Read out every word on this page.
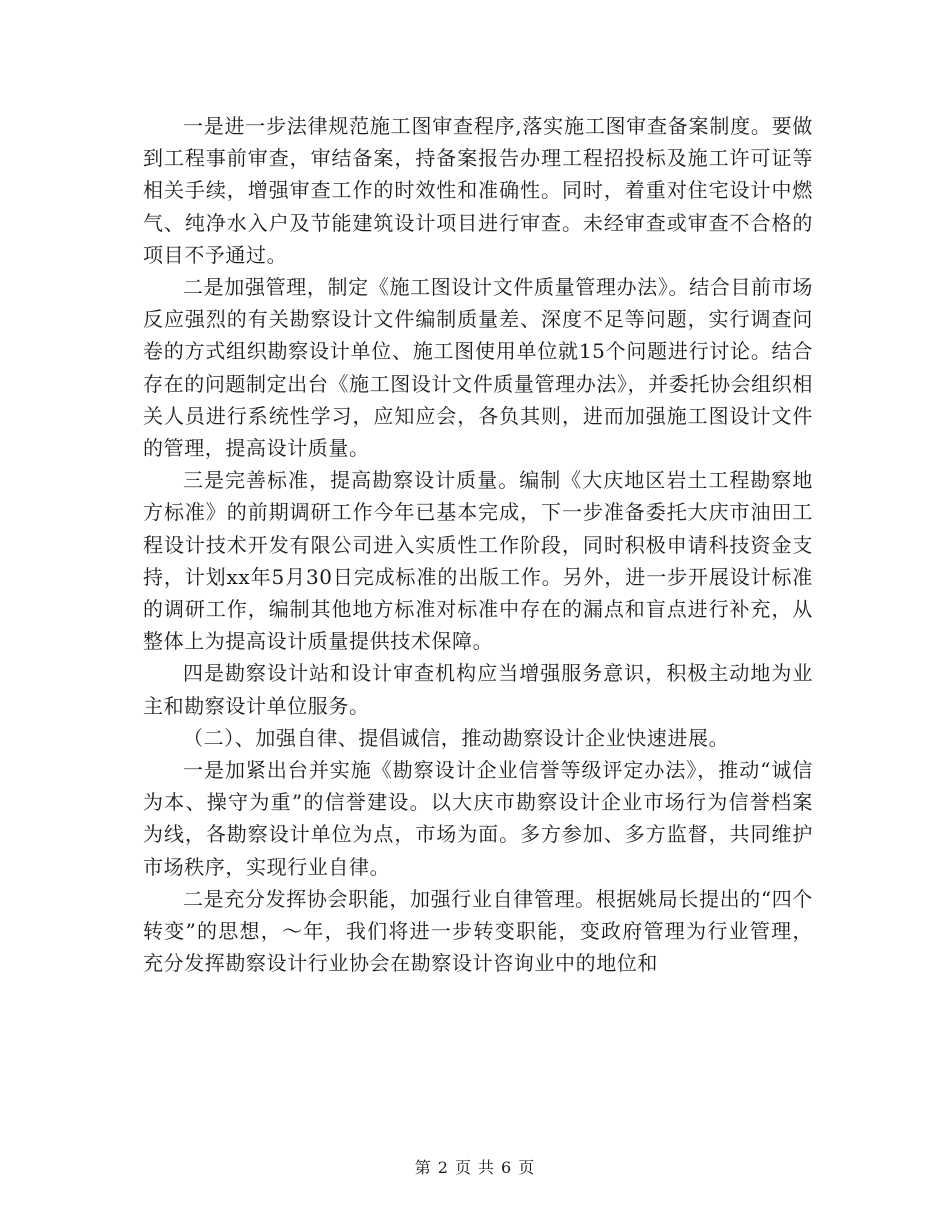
一是进一步法律规范施工图审查程序,落实施工图审查备案制度。要做到工程事前审查，审结备案，持备案报告办理工程招投标及施工许可证等相关手续，增强审查工作的时效性和准确性。同时，着重对住宅设计中燃气、纯净水入户及节能建筑设计项目进行审查。未经审查或审查不合格的项目不予通过。

二是加强管理，制定《施工图设计文件质量管理办法》。结合目前市场反应强烈的有关勘察设计文件编制质量差、深度不足等问题，实行调查问卷的方式组织勘察设计单位、施工图使用单位就15个问题进行讨论。结合存在的问题制定出台《施工图设计文件质量管理办法》，并委托协会组织相关人员进行系统性学习，应知应会，各负其则，进而加强施工图设计文件的管理，提高设计质量。

三是完善标准，提高勘察设计质量。编制《大庆地区岩土工程勘察地方标准》的前期调研工作今年已基本完成，下一步准备委托大庆市油田工程设计技术开发有限公司进入实质性工作阶段，同时积极申请科技资金支持，计划xx年5月30日完成标准的出版工作。另外，进一步开展设计标准的调研工作，编制其他地方标准对标准中存在的漏点和盲点进行补充，从整体上为提高设计质量提供技术保障。

四是勘察设计站和设计审查机构应当增强服务意识，积极主动地为业主和勘察设计单位服务。

（二）、加强自律、提倡诚信，推动勘察设计企业快速进展。

一是加紧出台并实施《勘察设计企业信誉等级评定办法》，推动“诚信为本、操守为重”的信誉建设。以大庆市勘察设计企业市场行为信誉档案为线，各勘察设计单位为点，市场为面。多方参加、多方监督，共同维护市场秩序，实现行业自律。

二是充分发挥协会职能，加强行业自律管理。根据姚局长提出的“四个转变”的思想，～年，我们将进一步转变职能，变政府管理为行业管理，充分发挥勘察设计行业协会在勘察设计咨询业中的地位和

第 2 页 共 6 页
